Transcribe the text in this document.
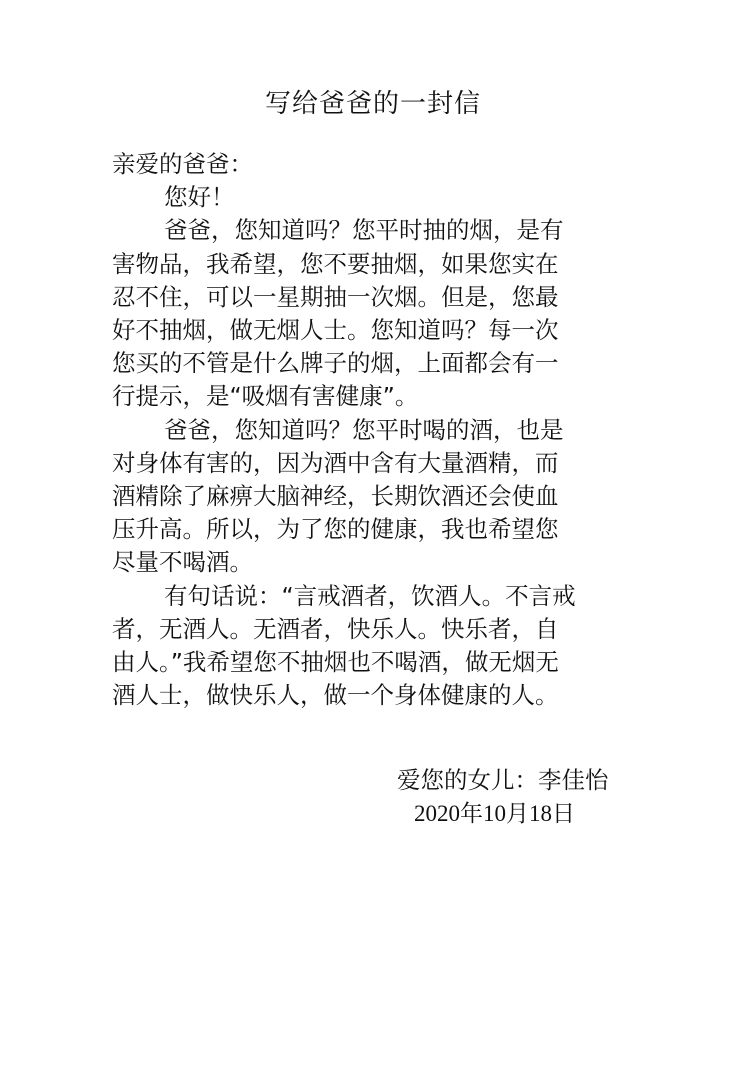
写给爸爸的一封信
亲爱的爸爸：
您好！
爸爸，您知道吗？您平时抽的烟，是有
害物品，我希望，您不要抽烟，如果您实在
忍不住，可以一星期抽一次烟。但是，您最
好不抽烟，做无烟人士。您知道吗？每一次
您买的不管是什么牌子的烟，上面都会有一
行提示，是“吸烟有害健康”。
爸爸，您知道吗？您平时喝的酒，也是
对身体有害的，因为酒中含有大量酒精，而
酒精除了麻痹大脑神经，长期饮酒还会使血
压升高。所以，为了您的健康，我也希望您
尽量不喝酒。
有句话说：“言戒酒者，饮酒人。不言戒
者，无酒人。无酒者，快乐人。快乐者，自
由人。”我希望您不抽烟也不喝酒，做无烟无
酒人士，做快乐人，做一个身体健康的人。
爱您的女儿：李佳怡
2020年10月18日
